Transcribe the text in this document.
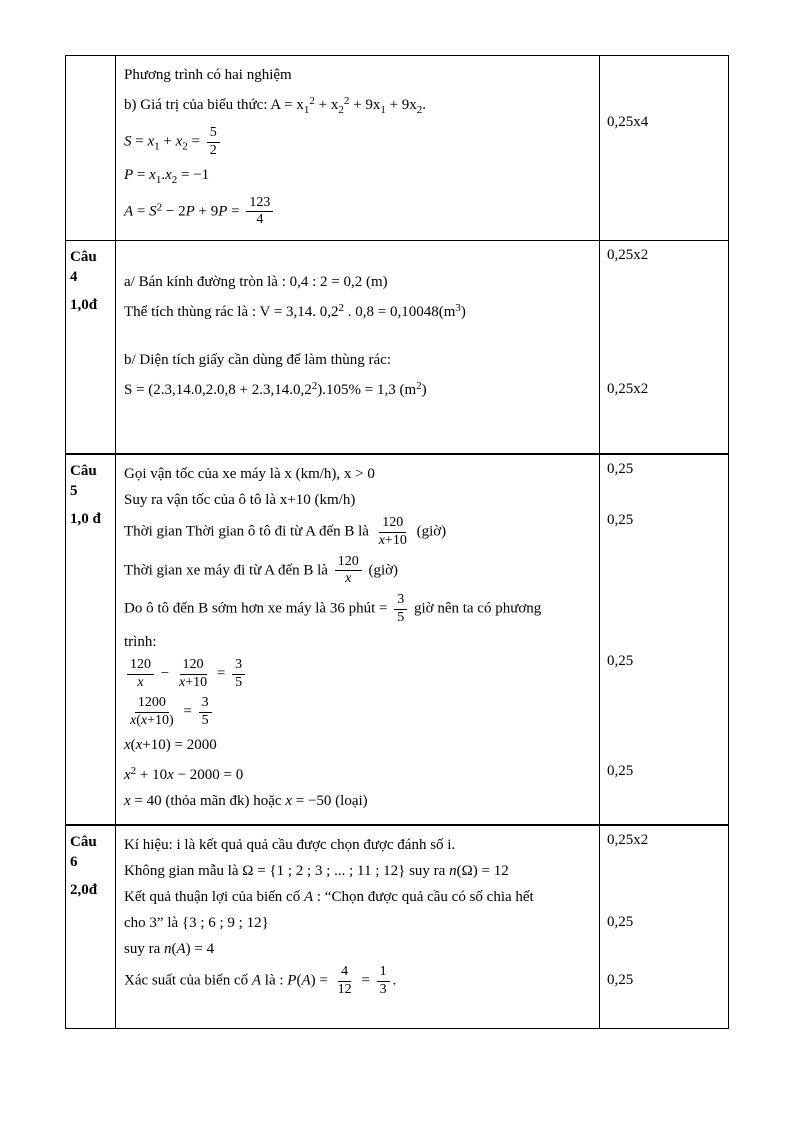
Phương trình có hai nghiệm
b) Giá trị của biểu thức: $A = x_1^2 + x_2^2 + 9x_1 + 9x_2$.
$S = x_1 + x_2 = \frac{5}{2}$
$P = x_1.x_2 = -1$
$A = S^2 - 2P + 9P = \frac{123}{4}$
0,25x4
Câu
4
1,0đ
a/ Bán kính đường tròn là : 0,4 : 2 = 0,2 (m)
Thể tích thùng rác là : V = 3,14. $0,2^2$ . $0,8 = 0,10048(m^3)$
b/ Diện tích giấy cần dùng để làm thùng rác:
$S = (2.3,14.0,2.0,8 + 2.3,14.0,2^2).105\% = 1,3$ $(m^2)$
0,25x2
0,25x2
Câu
5
1,0 đ
Gọi vận tốc của xe máy là x (km/h), x > 0
Suy ra vận tốc của ô tô là x+10 (km/h)
Thời gian Thời gian ô tô đi từ A đến B là $\frac{120}{x+10}$ (giờ)
Thời gian xe máy đi từ A đến B là $\frac{120}{x}$ (giờ)
Do ô tô đến B sớm hơn xe máy là 36 phút = $\frac{3}{5}$ giờ nên ta có phương
trình:
$\frac{120}{x} - \frac{120}{x+10} = \frac{3}{5}$
$\frac{1200}{x(x+10)} = \frac{3}{5}$
x(x+10) = 2000
$x^2 + 10x - 2000 = 0$
x = 40 (thỏa mãn đk) hoặc x = −50 (loại)
0,25
0,25
0,25
0,25
Câu
6
2,0đ
Kí hiệu: i là kết quả quả cầu được chọn được đánh số i.
Không gian mẫu là Ω = {1 ; 2 ; 3 ; ... ; 11 ; 12} suy ra n(Ω) = 12
Kết quả thuận lợi của biến cố A : “Chọn được quả cầu có số chia hết
cho 3” là {3 ; 6 ; 9 ; 12}
suy ra n(A) = 4
Xác suất của biến cố A là : $P(A) = \frac{4}{12} = \frac{1}{3}$ .
0,25x2
0,25
0,25
